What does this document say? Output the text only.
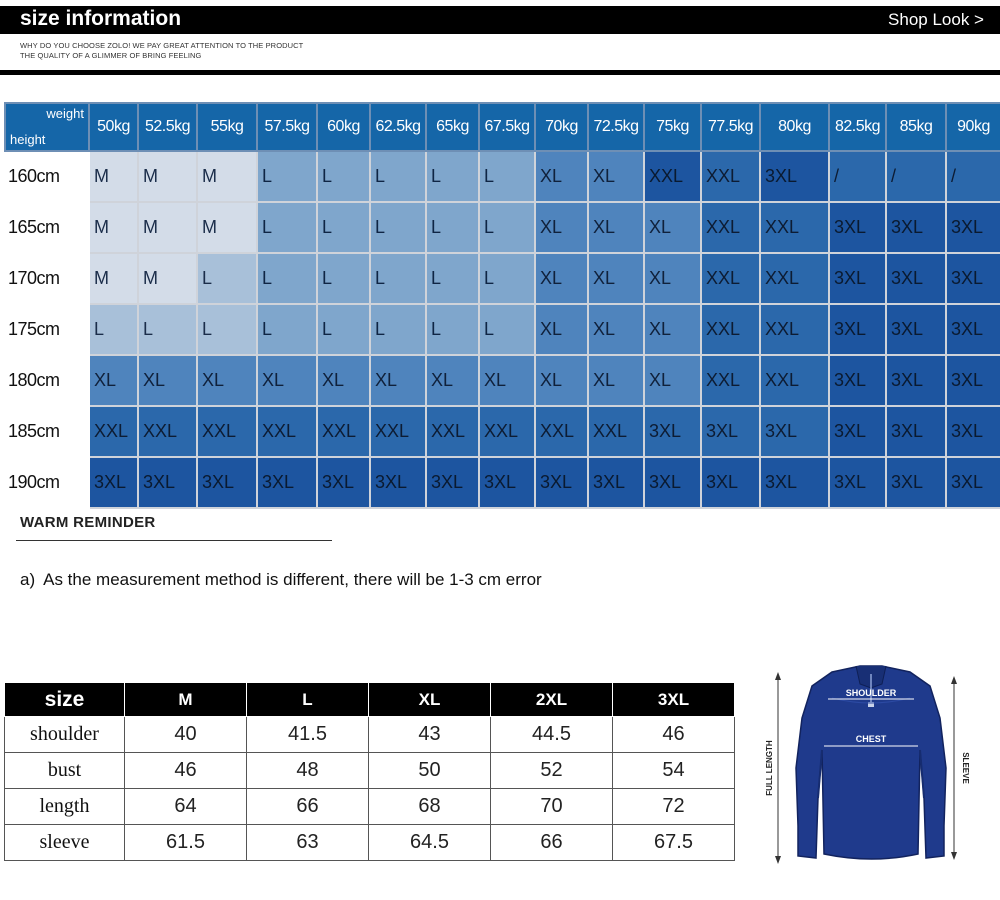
size information	Shop Look >
WHY DO YOU CHOOSE ZOLO! WE PAY GREAT ATTENTION TO THE PRODUCT
THE QUALITY OF A GLIMMER OF BRING FEELING
weight
height	50kg	52.5kg	55kg	57.5kg	60kg	62.5kg	65kg	67.5kg	70kg	72.5kg	75kg	77.5kg	80kg	82.5kg	85kg	90kg
160cm	M	M	M	L	L	L	L	L	XL	XL	XXL	XXL	3XL	/	/	/
165cm	M	M	M	L	L	L	L	L	XL	XL	XL	XXL	XXL	3XL	3XL	3XL
170cm	M	M	L	L	L	L	L	L	XL	XL	XL	XXL	XXL	3XL	3XL	3XL
175cm	L	L	L	L	L	L	L	L	XL	XL	XL	XXL	XXL	3XL	3XL	3XL
180cm	XL	XL	XL	XL	XL	XL	XL	XL	XL	XL	XL	XXL	XXL	3XL	3XL	3XL
185cm	XXL	XXL	XXL	XXL	XXL	XXL	XXL	XXL	XXL	XXL	3XL	3XL	3XL	3XL	3XL	3XL
190cm	3XL	3XL	3XL	3XL	3XL	3XL	3XL	3XL	3XL	3XL	3XL	3XL	3XL	3XL	3XL	3XL
WARM REMINDER
a) As the measurement method is different, there will be 1-3 cm error
size	M	L	XL	2XL	3XL
shoulder	40	41.5	43	44.5	46
bust	46	48	50	52	54
length	64	66	68	70	72
sleeve	61.5	63	64.5	66	67.5
SHOULDER
CHEST
FULL LENGTH	SLEEVE
